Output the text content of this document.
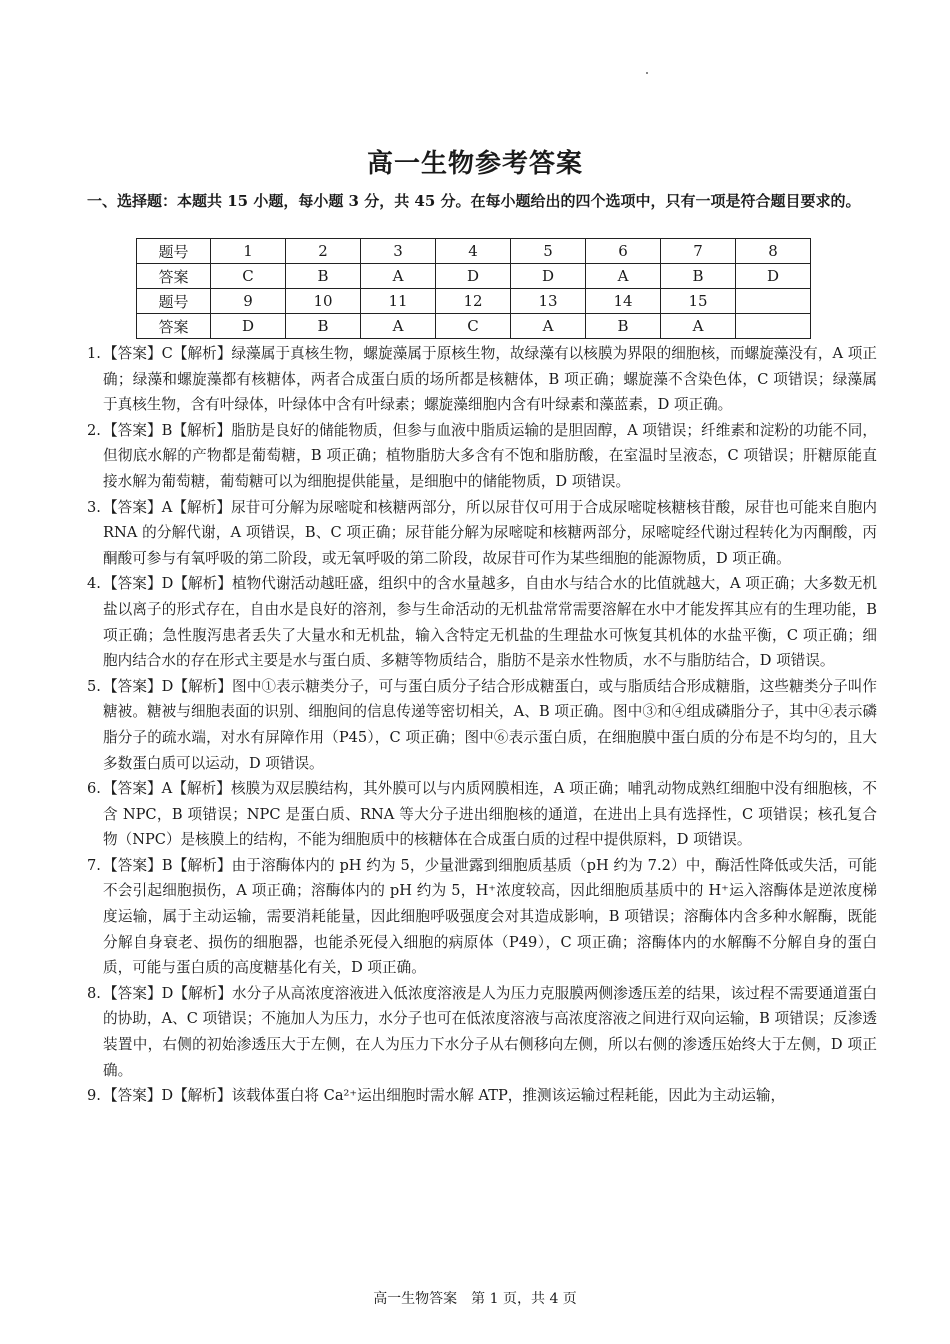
高一生物参考答案
一、选择题：本题共 15 小题，每小题 3 分，共 45 分。在每小题给出的四个选项中，只有一项是符合题目要求的。
题号	1	2	3	4	5	6	7	8
答案	C	B	A	D	D	A	B	D
题号	9	10	11	12	13	14	15	
答案	D	B	A	C	A	B	A	
1. 【答案】C【解析】绿藻属于真核生物，螺旋藻属于原核生物，故绿藻有以核膜为界限的细胞核，而螺旋藻没有，A 项正确；绿藻和螺旋藻都有核糖体，两者合成蛋白质的场所都是核糖体，B 项正确；螺旋藻不含染色体，C 项错误；绿藻属于真核生物，含有叶绿体，叶绿体中含有叶绿素；螺旋藻细胞内含有叶绿素和藻蓝素，D 项正确。
2. 【答案】B【解析】脂肪是良好的储能物质，但参与血液中脂质运输的是胆固醇，A 项错误；纤维素和淀粉的功能不同，但彻底水解的产物都是葡萄糖，B 项正确；植物脂肪大多含有不饱和脂肪酸，在室温时呈液态，C 项错误；肝糖原能直接水解为葡萄糖，葡萄糖可以为细胞提供能量，是细胞中的储能物质，D 项错误。
3. 【答案】A【解析】尿苷可分解为尿嘧啶和核糖两部分，所以尿苷仅可用于合成尿嘧啶核糖核苷酸，尿苷也可能来自胞内 RNA 的分解代谢，A 项错误，B、C 项正确；尿苷能分解为尿嘧啶和核糖两部分，尿嘧啶经代谢过程转化为丙酮酸，丙酮酸可参与有氧呼吸的第二阶段，或无氧呼吸的第二阶段，故尿苷可作为某些细胞的能源物质，D 项正确。
4. 【答案】D【解析】植物代谢活动越旺盛，组织中的含水量越多，自由水与结合水的比值就越大，A 项正确；大多数无机盐以离子的形式存在，自由水是良好的溶剂，参与生命活动的无机盐常常需要溶解在水中才能发挥其应有的生理功能，B 项正确；急性腹泻患者丢失了大量水和无机盐，输入含特定无机盐的生理盐水可恢复其机体的水盐平衡，C 项正确；细胞内结合水的存在形式主要是水与蛋白质、多糖等物质结合，脂肪不是亲水性物质，水不与脂肪结合，D 项错误。
5. 【答案】D【解析】图中①表示糖类分子，可与蛋白质分子结合形成糖蛋白，或与脂质结合形成糖脂，这些糖类分子叫作糖被。糖被与细胞表面的识别、细胞间的信息传递等密切相关，A、B 项正确。图中③和④组成磷脂分子，其中④表示磷脂分子的疏水端，对水有屏障作用（P45），C 项正确；图中⑥表示蛋白质，在细胞膜中蛋白质的分布是不均匀的，且大多数蛋白质可以运动，D 项错误。
6. 【答案】A【解析】核膜为双层膜结构，其外膜可以与内质网膜相连，A 项正确；哺乳动物成熟红细胞中没有细胞核，不含 NPC，B 项错误；NPC 是蛋白质、RNA 等大分子进出细胞核的通道，在进出上具有选择性，C 项错误；核孔复合物（NPC）是核膜上的结构，不能为细胞质中的核糖体在合成蛋白质的过程中提供原料，D 项错误。
7. 【答案】B【解析】由于溶酶体内的 pH 约为 5，少量泄露到细胞质基质（pH 约为 7.2）中，酶活性降低或失活，可能不会引起细胞损伤，A 项正确；溶酶体内的 pH 约为 5，H⁺浓度较高，因此细胞质基质中的 H⁺运入溶酶体是逆浓度梯度运输，属于主动运输，需要消耗能量，因此细胞呼吸强度会对其造成影响，B 项错误；溶酶体内含多种水解酶，既能分解自身衰老、损伤的细胞器，也能杀死侵入细胞的病原体（P49），C 项正确；溶酶体内的水解酶不分解自身的蛋白质，可能与蛋白质的高度糖基化有关，D 项正确。
8. 【答案】D【解析】水分子从高浓度溶液进入低浓度溶液是人为压力克服膜两侧渗透压差的结果，该过程不需要通道蛋白的协助，A、C 项错误；不施加人为压力，水分子也可在低浓度溶液与高浓度溶液之间进行双向运输，B 项错误；反渗透装置中，右侧的初始渗透压大于左侧，在人为压力下水分子从右侧移向左侧，所以右侧的渗透压始终大于左侧，D 项正确。
9. 【答案】D【解析】该载体蛋白将 Ca²⁺运出细胞时需水解 ATP，推测该运输过程耗能，因此为主动运输，
高一生物答案　第 1 页，共 4 页
